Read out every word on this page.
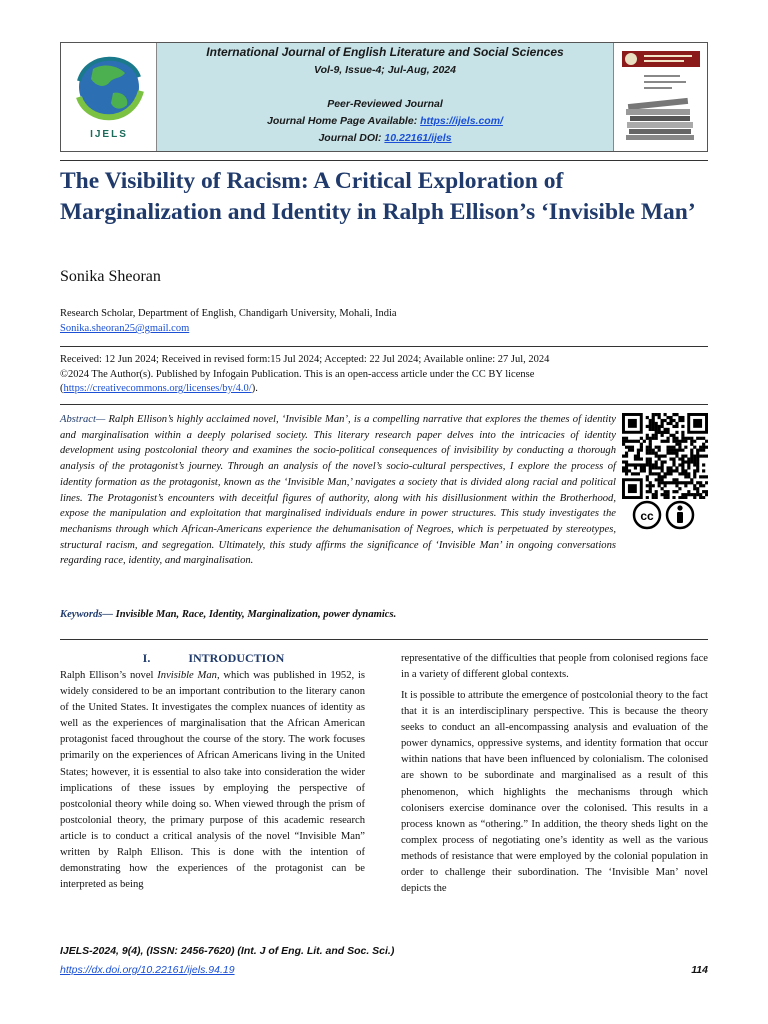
IJELS
International Journal of English Literature and Social Sciences
Vol-9, Issue-4; Jul-Aug, 2024
Peer-Reviewed Journal
Journal Home Page Available: https://ijels.com/
Journal DOI: 10.22161/ijels
The Visibility of Racism: A Critical Exploration of Marginalization and Identity in Ralph Ellison’s ‘Invisible Man’
Sonika Sheoran
Research Scholar, Department of English, Chandigarh University, Mohali, India
Sonika.sheoran25@gmail.com
Received: 12 Jun 2024; Received in revised form:15 Jul 2024; Accepted: 22 Jul 2024; Available online: 27 Jul, 2024
©2024 The Author(s). Published by Infogain Publication. This is an open-access article under the CC BY license
(https://creativecommons.org/licenses/by/4.0/).
Abstract— Ralph Ellison’s highly acclaimed novel, ‘Invisible Man’, is a compelling narrative that explores the themes of identity and marginalisation within a deeply polarised society. This literary research paper delves into the intricacies of identity development using postcolonial theory and examines the socio-political consequences of invisibility by conducting a thorough analysis of the protagonist’s journey. Through an analysis of the novel’s socio-cultural perspectives, I explore the process of identity formation as the protagonist, known as the ‘Invisible Man,’ navigates a society that is divided along racial and political lines. The Protagonist’s encounters with deceitful figures of authority, along with his disillusionment within the Brotherhood, expose the manipulation and exploitation that marginalised individuals endure in power structures. This study investigates the mechanisms through which African-Americans experience the dehumanisation of Negroes, which is perpetuated by stereotypes, structural racism, and segregation. Ultimately, this study affirms the significance of ‘Invisible Man’ in ongoing conversations regarding race, identity, and marginalisation.
cc
Keywords— Invisible Man, Race, Identity, Marginalization, power dynamics.
I.	INTRODUCTION
Ralph Ellison’s novel Invisible Man, which was published in 1952, is widely considered to be an important contribution to the literary canon of the United States. It investigates the complex nuances of identity as well as the experiences of marginalisation that the African American protagonist faced throughout the course of the story. The work focuses primarily on the experiences of African Americans living in the United States; however, it is essential to also take into consideration the wider implications of these issues by employing the perspective of postcolonial theory while doing so. When viewed through the prism of postcolonial theory, the primary purpose of this academic research article is to conduct a critical analysis of the novel “Invisible Man” written by Ralph Ellison. This is done with the intention of demonstrating how the experiences of the protagonist can be interpreted as being
representative of the difficulties that people from colonised regions face in a variety of different global contexts.
It is possible to attribute the emergence of postcolonial theory to the fact that it is an interdisciplinary perspective. This is because the theory seeks to conduct an all-encompassing analysis and evaluation of the power dynamics, oppressive systems, and identity formation that occur within nations that have been influenced by colonialism. The colonised are shown to be subordinate and marginalised as a result of this phenomenon, which highlights the mechanisms through which colonisers exercise dominance over the colonised. This results in a process known as “othering.” In addition, the theory sheds light on the complex process of negotiating one’s identity as well as the various methods of resistance that were employed by the colonial population in order to challenge their subordination. The ‘Invisible Man’ novel depicts the
IJELS-2024, 9(4), (ISSN: 2456-7620) (Int. J of Eng. Lit. and Soc. Sci.)
https://dx.doi.org/10.22161/ijels.94.19	114
